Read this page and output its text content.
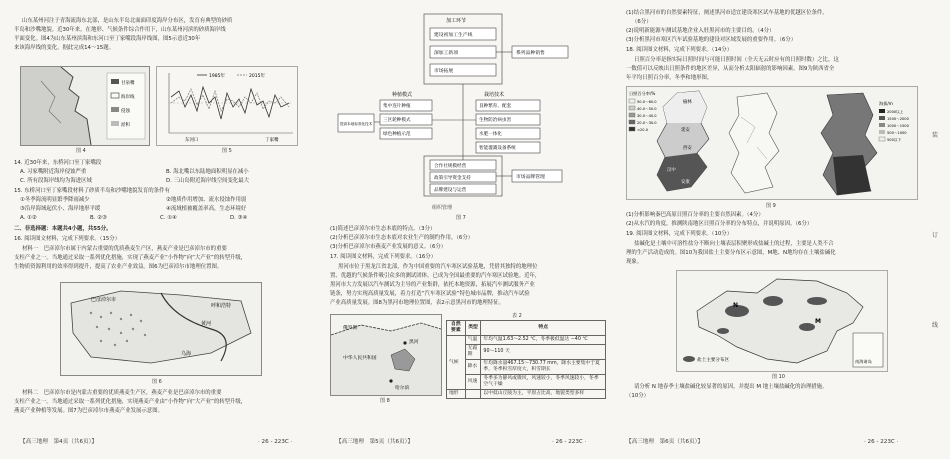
山东某州河注于青海流海东北部，是山东半岛北面面印度海岸分布区，发育有典型的砂质
半岛和沙嘴地貌。近30年来，在地形、气候条件综合作用下，山东某州河滨的砂质海岸线
平面变化。图4为山东某州滨海和东河口至丁家嘴段海岸线图，图5示意近30年
来该海岸线的变化。据此完成14～15题。
甘泉嘴
海岸线
侵蚀
淤积
图 4
1985年	2015年
东河口	丁家嘴
图 5
14. 近30年来，东桥河口至丁家嘴段
A. 习家嘴附近海岸侵蚀严重	B. 海北嘴以东陆地面积明显在减小
C. 所有段海岸线均为海进区域	D. 三山岛附近海岸线空间变化最大
15. 东桥河口至丁家嘴段材料了砂质半岛和沙嘴地貌发育的条件有
①冬季海流明显繁季降雨减少	②地质作用增加、流水侵蚀作用弱
③沿岸海域起伏小、海岸地形平缓	④流域植被覆盖率高，生态环境好
A. ①②	B. ②③	C. ①④	D. ③④
二、非选择题：本题共4小题，共55分。
16. 阅读图文材料，完成下列要求。（15分）
材料一　巴彦淖尔市属于内蒙古重要的优质燕麦生产区，燕麦产业是巴彦淖尔市的重要
支柱产业之一。当地通过采取一系列优化措施，实现了燕麦产业“小作物”向“大产业”的转型升级，
生物质资源利用的效率得到提升，提高了农业产业效益。图6为巴彦淖尔市地理位置图。
巴彦淖尔市
黄河
乌海
呼和浩特
图 6
材料二　巴彦淖尔市是内蒙古重要的优质燕麦生产区，燕麦产业是巴彦淖尔市的重要
支柱产业之一。当地通过采取一系列优化措施，实现燕麦产业由“小作物”向“大产业”的转型升级，
燕麦产业种植等发展。图7为巴彦淖尔市燕麦产业发展示意图。
【高三地理　第4页（共6页）】	· 26 - 223C ·
加工环节
建设初加工生产线
深加工新项
市场拓展
系列品种销售
种植模式	栽培技术
集中连片种植
三区轮种模式
绿色种植示范
提高本地标准化技术
良种繁育、配套
生物防治病虫害
水肥一体化
智能灌溉设备系统
合作社规模经营
政策引导资金支持
品牌建设与运营
市场品牌管理
组织管理
图 7
(1)简述巴彦淖尔市生态本底的特点。（3分）
(2)分析巴彦淖尔市生态本底对农业生产的制约作用。（6分）
(3)分析巴彦淖尔市燕麦产业发展的意义。（6分）
17. 阅读图文材料，完成下列要求。（16分）
黑河市位于黑龙江省北部，作为中国重要的汽车寒区试验基地，凭借其独特的地理位
置、优越的气候条件吸引众多的测试团体。已成为全国最重要的汽车寒区试验地。近年，
黑河市大力发展以汽车测试为主导的产业集群，依托本地资源，拓展汽车测试服务产业
链条，努力实现高质量发展，着力打造“汽车寒区试验”特色城市品牌，推动汽车试验
产业高质量发展。图8为黑河市地理位置图，表2示意黑河市的地理特征。
俄罗斯
黑河
中华人民共和国
哈尔滨
图 8
表 2
自然要素	类型	特点
气候	气温	年均气温1.63～2.52 ℃，冬季极低温达 −40 ℃
	无霜期	90～110 天
	降水	年均降水量467.15～730.77 mm，降水主要集中于夏季，冬季积雪厚度大，积雪期长
	风速	冬季多为静风或微风，风速较小，冬季风速较小，冬季空气干燥
地形		以中低山丘陵为主，平原占比高，地貌类型多样
【高三地理　第5页（共6页）】	· 26 - 223C ·
(1)结合黑河市的自然要素特征，阐述黑河市适宜建设寒区试车基地的优越区位条件。
（6分）
(2)说明新能源车测试基地企业入驻黑河市的主要目的。（4分）
(3)分析黑河市寒区汽车试验基地的建设对区域发展的重要作用。（6分）
18. 阅读图文材料，完成下列要求。（14分）
日照百分率是指实际日照时间与可能日照时间（全天无云时应有的日照时数）之比，这
一数值可以反映出日照条件的地区差异，从而分析太阳辐射的影响因素。图9为陕西省全
年平均日照百分率，冬季和地形图。
榆林
延安
西安
汉中
安康
日照百分率/%
50.0～60.0
40.0～50.0
30.0～40.0
20.0～30.0
<20.0
海拔/m
2000以上
1500～2000
1000～1500
500～1000
500以下
图 9
(1)分析影响秦巴高原日照百分率的主要自然因素。（4分）
(2)从水汽的角度，推测陕南地区日照百分率的分布特点，并说明原因。（6分）
19. 阅读图文材料，完成下列要求。（10分）
盐碱化是土壤中可溶性盐分不断向土壤表层积聚形成盐碱土的过程，主要是人类不合
理的生产活动造成的。图10为我国盐土主要分布区示意图，M地、N地均存在土壤盐碱化
现象。
M
N
南海诸岛
盐土主要分布区
图 10
请分析 N 地春季土壤盐碱化较显著的原因，并提出 M 地土壤盐碱化的治理措施。
（10分）
装
订
线
【高三地理　第6页（共6页）】	· 26 - 223C ·
